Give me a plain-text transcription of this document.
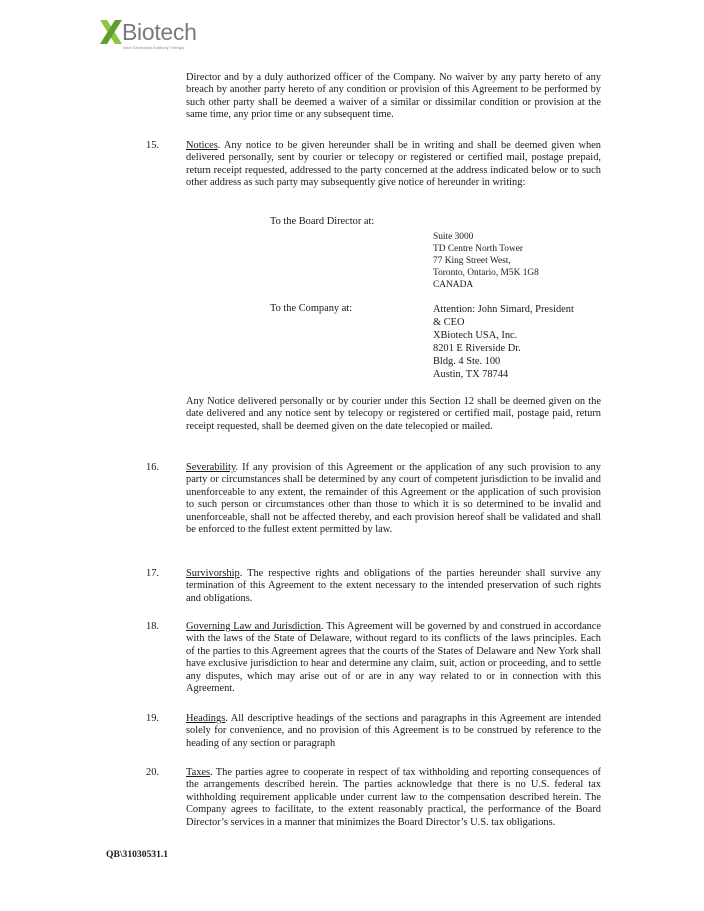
Biotech
Next Generation Antibody Therapy

Director and by a duly authorized officer of the Company. No waiver by any party hereto of any breach by another party hereto of any condition or provision of this Agreement to be performed by such other party shall be deemed a waiver of a similar or dissimilar condition or provision at the same time, any prior time or any subsequent time.

15.	Notices. Any notice to be given hereunder shall be in writing and shall be deemed given when delivered personally, sent by courier or telecopy or registered or certified mail, postage prepaid, return receipt requested, addressed to the party concerned at the address indicated below or to such other address as such party may subsequently give notice of hereunder in writing:

To the Board Director at:
Suite 3000
TD Centre North Tower
77 King Street West,
Toronto, Ontario, M5K 1G8
CANADA
To the Company at:	Attention: John Simard, President
& CEO
XBiotech USA, Inc.
8201 E Riverside Dr.
Bldg. 4 Ste. 100
Austin, TX 78744

Any Notice delivered personally or by courier under this Section 12 shall be deemed given on the date delivered and any notice sent by telecopy or registered or certified mail, postage paid, return receipt requested, shall be deemed given on the date telecopied or mailed.

16.	Severability. If any provision of this Agreement or the application of any such provision to any party or circumstances shall be determined by any court of competent jurisdiction to be invalid and unenforceable to any extent, the remainder of this Agreement or the application of such provision to such person or circumstances other than those to which it is so determined to be invalid and unenforceable, shall not be affected thereby, and each provision hereof shall be validated and shall be enforced to the fullest extent permitted by law.

17.	Survivorship. The respective rights and obligations of the parties hereunder shall survive any termination of this Agreement to the extent necessary to the intended preservation of such rights and obligations.

18.	Governing Law and Jurisdiction. This Agreement will be governed by and construed in accordance with the laws of the State of Delaware, without regard to its conflicts of the laws principles. Each of the parties to this Agreement agrees that the courts of the States of Delaware and New York shall have exclusive jurisdiction to hear and determine any claim, suit, action or proceeding, and to settle any disputes, which may arise out of or are in any way related to or in connection with this Agreement.

19.	Headings. All descriptive headings of the sections and paragraphs in this Agreement are intended solely for convenience, and no provision of this Agreement is to be construed by reference to the heading of any section or paragraph

20.	Taxes. The parties agree to cooperate in respect of tax withholding and reporting consequences of the arrangements described herein. The parties acknowledge that there is no U.S. federal tax withholding requirement applicable under current law to the compensation described herein. The Company agrees to facilitate, to the extent reasonably practical, the performance of the Board Director’s services in a manner that minimizes the Board Director’s U.S. tax obligations.

QB\31030531.1
